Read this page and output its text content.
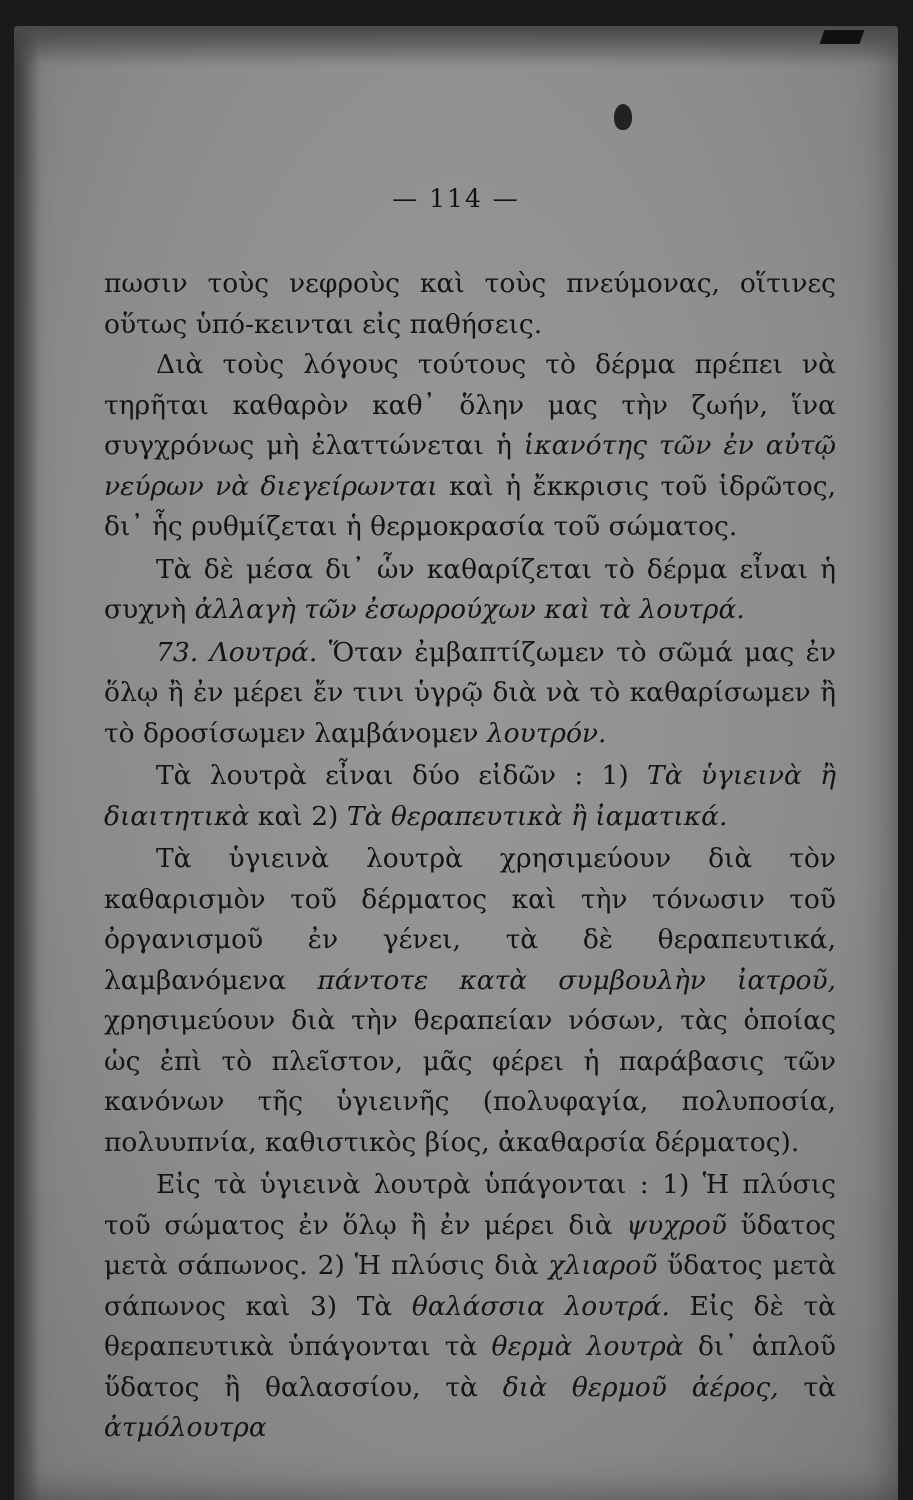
— 114 —

πωσιν τοὺς νεφροὺς καὶ τοὺς πνεύμονας, οἵτινες οὕτως ὑπό-κεινται εἰς παθήσεις.

Διὰ τοὺς λόγους τούτους τὸ δέρμα πρέπει νὰ τηρῆται καθαρὸν καθ᾽ ὅλην μας τὴν ζωήν, ἵνα συγχρόνως μὴ ἐλαττώνεται ἡ ἱκανότης τῶν ἐν αὐτῷ νεύρων νὰ διεγείρωνται καὶ ἡ ἔκκρισις τοῦ ἱδρῶτος, δι᾽ ἧς ρυθμίζεται ἡ θερμοκρασία τοῦ σώματος.

Τὰ δὲ μέσα δι᾽ ὧν καθαρίζεται τὸ δέρμα εἶναι ἡ συχνὴ ἀλλαγὴ τῶν ἐσωρρούχων καὶ τὰ λουτρά.

73. Λουτρά. Ὅταν ἐμβαπτίζωμεν τὸ σῶμά μας ἐν ὅλῳ ἢ ἐν μέρει ἔν τινι ὑγρῷ διὰ νὰ τὸ καθαρίσωμεν ἢ τὸ δροσίσωμεν λαμβάνομεν λουτρόν.

Τὰ λουτρὰ εἶναι δύο εἰδῶν : 1) Τὰ ὑγιεινὰ ἢ διαιτητικὰ καὶ 2) Τὰ θεραπευτικὰ ἢ ἰαματικά.

Τὰ ὑγιεινὰ λουτρὰ χρησιμεύουν διὰ τὸν καθαρισμὸν τοῦ δέρματος καὶ τὴν τόνωσιν τοῦ ὀργανισμοῦ ἐν γένει, τὰ δὲ θεραπευτικά, λαμβανόμενα πάντοτε κατὰ συμβουλὴν ἰατροῦ, χρησιμεύουν διὰ τὴν θεραπείαν νόσων, τὰς ὁποίας ὡς ἐπὶ τὸ πλεῖστον, μᾶς φέρει ἡ παράβασις τῶν κανόνων τῆς ὑγιεινῆς (πολυφαγία, πολυποσία, πολυυπνία, καθιστικὸς βίος, ἀκαθαρσία δέρματος).

Εἰς τὰ ὑγιεινὰ λουτρὰ ὑπάγονται : 1) Ἡ πλύσις τοῦ σώματος ἐν ὅλῳ ἢ ἐν μέρει διὰ ψυχροῦ ὕδατος μετὰ σάπωνος. 2) Ἡ πλύσις διὰ χλιαροῦ ὕδατος μετὰ σάπωνος καὶ 3) Τὰ θαλάσσια λουτρά. Εἰς δὲ τὰ θεραπευτικὰ ὑπάγονται τὰ θερμὰ λουτρὰ δι᾽ ἁπλοῦ ὕδατος ἢ θαλασσίου, τὰ διὰ θερμοῦ ἀέρος, τὰ ἀτμόλουτρα
